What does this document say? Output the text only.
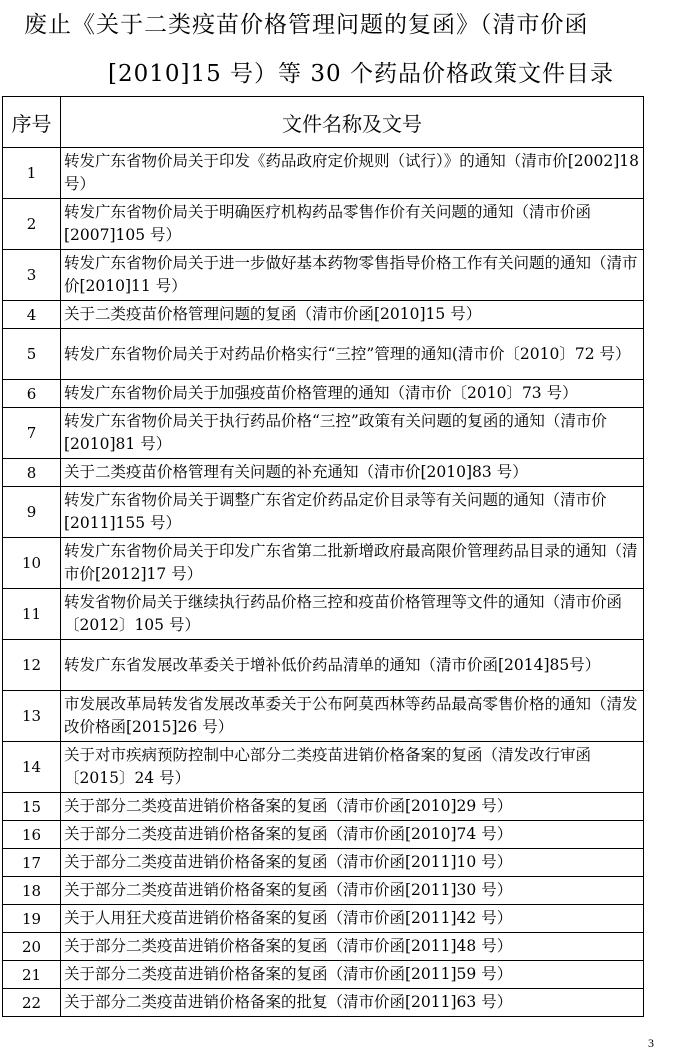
废止《关于二类疫苗价格管理问题的复函》（清市价函
[2010]15 号）等 30 个药品价格政策文件目录
序号	文件名称及文号
1	转发广东省物价局关于印发《药品政府定价规则（试行）》的通知（清市价[2002]18 号）
2	转发广东省物价局关于明确医疗机构药品零售作价有关问题的通知（清市价函[2007]105 号）
3	转发广东省物价局关于进一步做好基本药物零售指导价格工作有关问题的通知（清市价[2010]11 号）
4	关于二类疫苗价格管理问题的复函（清市价函[2010]15 号）
5	转发广东省物价局关于对药品价格实行“三控”管理的通知(清市价〔2010〕72 号）
6	转发广东省物价局关于加强疫苗价格管理的通知（清市价〔2010〕73 号）
7	转发广东省物价局关于执行药品价格“三控”政策有关问题的复函的通知（清市价[2010]81 号）
8	关于二类疫苗价格管理有关问题的补充通知（清市价[2010]83 号）
9	转发广东省物价局关于调整广东省定价药品定价目录等有关问题的通知（清市价[2011]155 号）
10	转发广东省物价局关于印发广东省第二批新增政府最高限价管理药品目录的通知（清市价[2012]17 号）
11	转发省物价局关于继续执行药品价格三控和疫苗价格管理等文件的通知（清市价函〔2012〕105 号）
12	转发广东省发展改革委关于增补低价药品清单的通知（清市价函[2014]85号）
13	市发展改革局转发省发展改革委关于公布阿莫西林等药品最高零售价格的通知（清发改价格函[2015]26 号）
14	关于对市疾病预防控制中心部分二类疫苗进销价格备案的复函（清发改行审函〔2015〕24 号）
15	关于部分二类疫苗进销价格备案的复函（清市价函[2010]29 号）
16	关于部分二类疫苗进销价格备案的复函（清市价函[2010]74 号）
17	关于部分二类疫苗进销价格备案的复函（清市价函[2011]10 号）
18	关于部分二类疫苗进销价格备案的复函（清市价函[2011]30 号）
19	关于人用狂犬疫苗进销价格备案的复函（清市价函[2011]42 号）
20	关于部分二类疫苗进销价格备案的复函（清市价函[2011]48 号）
21	关于部分二类疫苗进销价格备案的复函（清市价函[2011]59 号）
22	关于部分二类疫苗进销价格备案的批复（清市价函[2011]63 号）
3
